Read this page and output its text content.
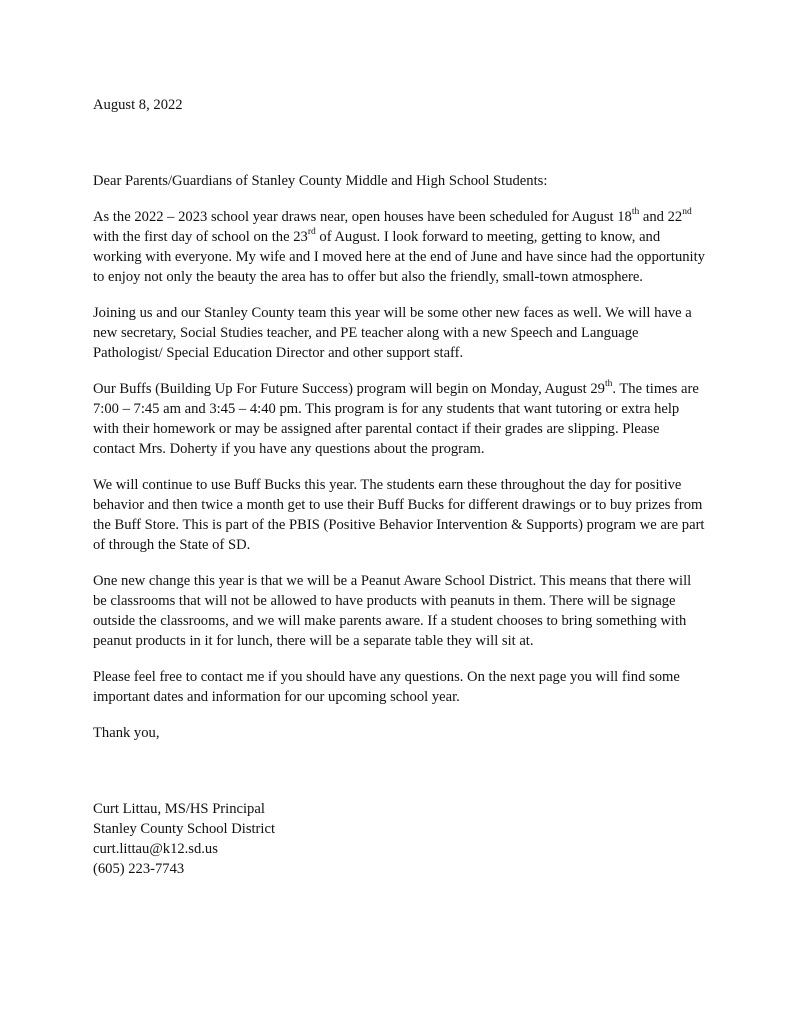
August 8, 2022

Dear Parents/Guardians of Stanley County Middle and High School Students:

As the 2022 – 2023 school year draws near, open houses have been scheduled for August 18th and 22nd with the first day of school on the 23rd of August. I look forward to meeting, getting to know, and working with everyone. My wife and I moved here at the end of June and have since had the opportunity to enjoy not only the beauty the area has to offer but also the friendly, small-town atmosphere.

Joining us and our Stanley County team this year will be some other new faces as well. We will have a new secretary, Social Studies teacher, and PE teacher along with a new Speech and Language Pathologist/ Special Education Director and other support staff.

Our Buffs (Building Up For Future Success) program will begin on Monday, August 29th. The times are 7:00 – 7:45 am and 3:45 – 4:40 pm. This program is for any students that want tutoring or extra help with their homework or may be assigned after parental contact if their grades are slipping. Please contact Mrs. Doherty if you have any questions about the program.

We will continue to use Buff Bucks this year. The students earn these throughout the day for positive behavior and then twice a month get to use their Buff Bucks for different drawings or to buy prizes from the Buff Store. This is part of the PBIS (Positive Behavior Intervention & Supports) program we are part of through the State of SD.

One new change this year is that we will be a Peanut Aware School District. This means that there will be classrooms that will not be allowed to have products with peanuts in them. There will be signage outside the classrooms, and we will make parents aware. If a student chooses to bring something with peanut products in it for lunch, there will be a separate table they will sit at.

Please feel free to contact me if you should have any questions. On the next page you will find some important dates and information for our upcoming school year.

Thank you,

Curt Littau, MS/HS Principal
Stanley County School District
curt.littau@k12.sd.us
(605) 223-7743
